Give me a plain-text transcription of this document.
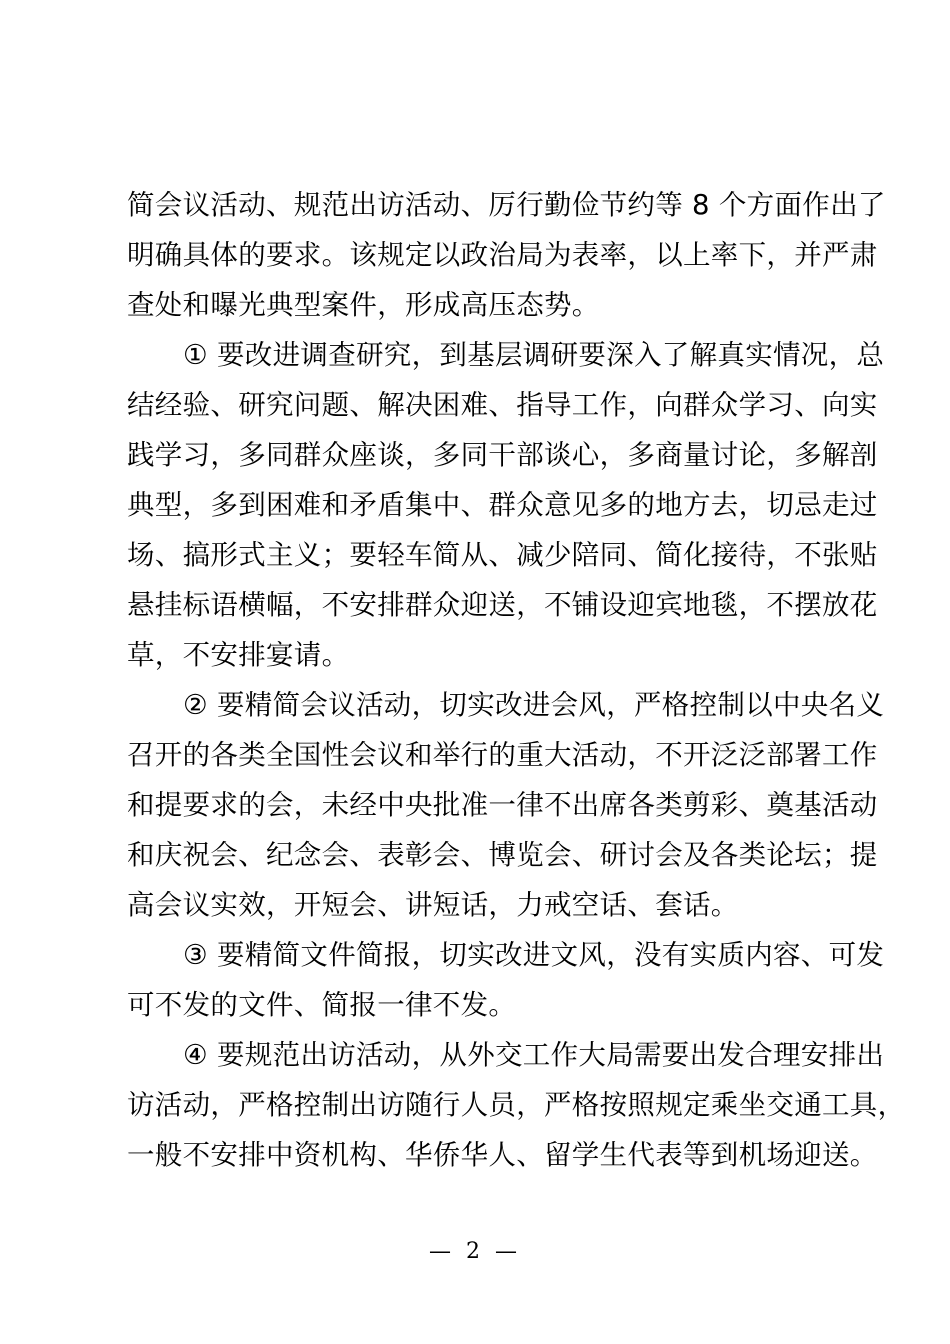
简会议活动、规范出访活动、厉行勤俭节约等 8 个方面作出了
明确具体的要求。该规定以政治局为表率，以上率下，并严肃
查处和曝光典型案件，形成高压态势。

① 要改进调查研究，到基层调研要深入了解真实情况，总
结经验、研究问题、解决困难、指导工作，向群众学习、向实
践学习，多同群众座谈，多同干部谈心，多商量讨论，多解剖
典型，多到困难和矛盾集中、群众意见多的地方去，切忌走过
场、搞形式主义；要轻车简从、减少陪同、简化接待，不张贴
悬挂标语横幅，不安排群众迎送，不铺设迎宾地毯，不摆放花
草，不安排宴请。

② 要精简会议活动，切实改进会风，严格控制以中央名义
召开的各类全国性会议和举行的重大活动，不开泛泛部署工作
和提要求的会，未经中央批准一律不出席各类剪彩、奠基活动
和庆祝会、纪念会、表彰会、博览会、研讨会及各类论坛；提
高会议实效，开短会、讲短话，力戒空话、套话。

③ 要精简文件简报，切实改进文风，没有实质内容、可发
可不发的文件、简报一律不发。

④ 要规范出访活动，从外交工作大局需要出发合理安排出
访活动，严格控制出访随行人员，严格按照规定乘坐交通工具，
一般不安排中资机构、华侨华人、留学生代表等到机场迎送。

— 2 —
